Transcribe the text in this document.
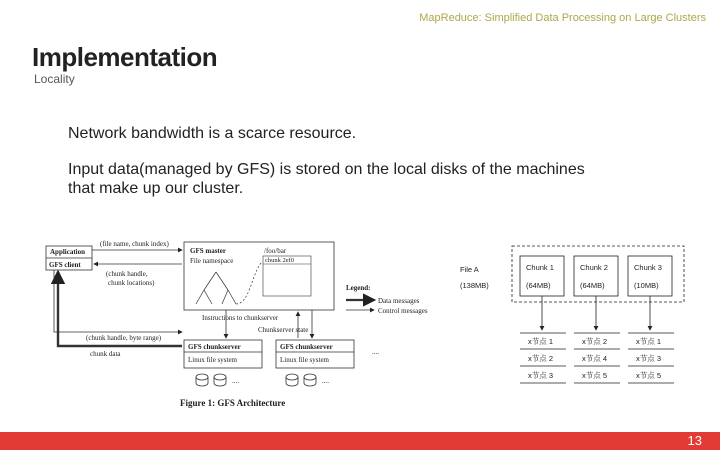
MapReduce: Simplified Data Processing on Large Clusters
Implementation
Locality
Network bandwidth is a scarce resource.
Input data(managed by GFS) is stored on the local disks of the machines that make up our cluster.
Application
GFS client
(file name, chunk index)
(chunk handle,
chunk locations)
GFS master
File namespace
/foo/bar
chunk 2ef0
Legend:
Data messages
Control messages
Instructions to chunkserver
Chunkserver state
(chunk handle, byte range)
chunk data
GFS chunkserver
Linux file system
GFS chunkserver
Linux file system
....	....
....
Figure 1: GFS Architecture
File A
(138MB)
Chunk 1
(64MB)
Chunk 2
(64MB)
Chunk 3
(10MB)
x节点 1
x节点 2
x节点 3
x节点 2
x节点 4
x节点 5
x节点 1
x节点 3
x节点 5
13
